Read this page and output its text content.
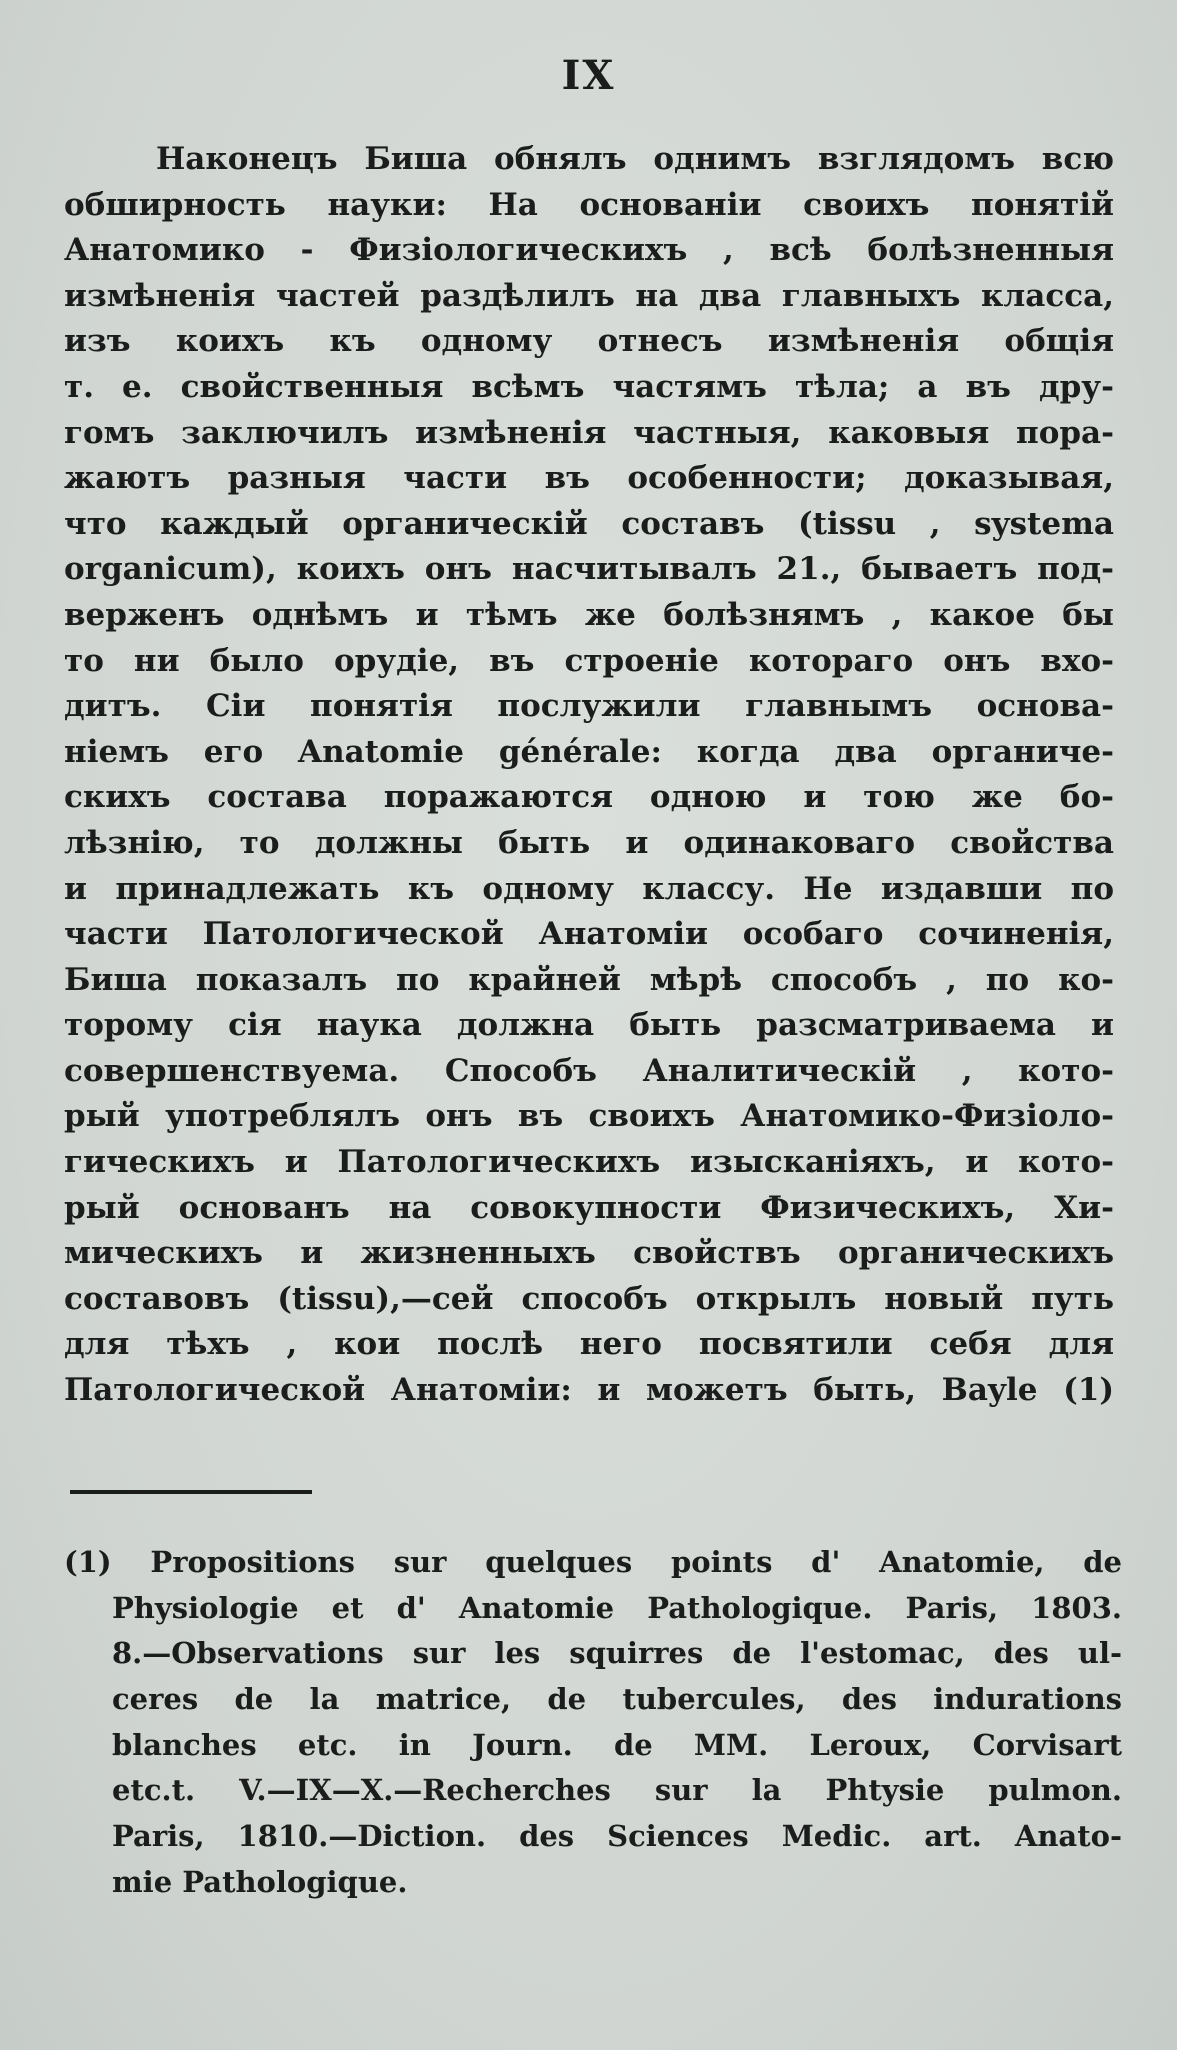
IX
Наконецъ Биша обнялъ однимъ взглядомъ всю
обширность науки: На основаніи своихъ понятій
Анатомико - Физіологическихъ , всѣ болѣзненныя
измѣненія частей раздѣлилъ на два главныхъ класса,
изъ коихъ къ одному отнесъ измѣненія общія
т. е. свойственныя всѣмъ частямъ тѣла; а въ дру-
гомъ заключилъ измѣненія частныя, каковыя пора-
жаютъ разныя части въ особенности; доказывая,
что каждый органическій составъ (tissu , systema
organicum), коихъ онъ насчитывалъ 21., бываетъ под-
верженъ однѣмъ и тѣмъ же болѣзнямъ , какое бы
то ни было орудіе, въ строеніе котораго онъ вхо-
дитъ. Сіи понятія послужили главнымъ основа-
ніемъ его Anatomie générale: когда два органиче-
скихъ состава поражаются одною и тою же бо-
лѣзнію, то должны быть и одинаковаго свойства
и принадлежать къ одному классу. Не издавши по
части Патологической Анатоміи особаго сочиненія,
Биша показалъ по крайней мѣрѣ способъ , по ко-
торому сія наука должна быть разсматриваема и
совершенствуема. Способъ Аналитическій , кото-
рый употреблялъ онъ въ своихъ Анатомико-Физіоло-
гическихъ и Патологическихъ изысканіяхъ, и кото-
рый основанъ на совокупности Физическихъ, Хи-
мическихъ и жизненныхъ свойствъ органическихъ
составовъ (tissu),—сей способъ открылъ новый путь
для тѣхъ , кои послѣ него посвятили себя для
Патологической Анатоміи: и можетъ быть, Bayle (1)
(1) Propositions sur quelques points d' Anatomie, de
Physiologie et d' Anatomie Pathologique. Paris, 1803.
8.—Observations sur les squirres de l'estomac, des ul-
ceres de la matrice, de tubercules, des indurations
blanches etc. in Journ. de MM. Leroux, Corvisart
etc.t. V.—IX—X.—Recherches sur la Phtysie pulmon.
Paris, 1810.—Diction. des Sciences Medic. art. Anato-
mie Pathologique.
